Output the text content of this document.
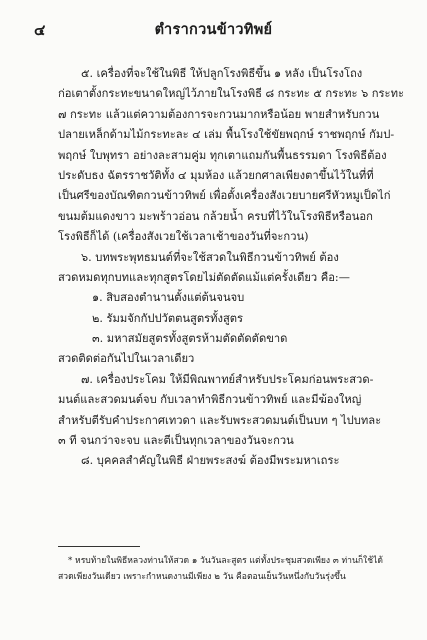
๔	ตำรากวนข้าวทิพย์
๕. เครื่องที่จะใช้ในพิธี ให้ปลูกโรงพิธีขึ้น ๑ หลัง เป็นโรงโถง
ก่อเตาตั้งกระทะขนาดใหญ่ไว้ภายในโรงพิธี ๘ กระทะ ๕ กระทะ ๖ กระทะ
๗ กระทะ แล้วแต่ความต้องการจะกวนมากหรือน้อย พายสำหรับกวน
ปลายเหล็กด้ามไม้กระทะละ ๔ เล่ม พื้นโรงใช้ขัยพฤกษ์ ราชพฤกษ์ กัมป-
พฤกษ์ ใบพุทรา อย่างละสามคู่ม ทุกเตาแถมกันพื้นธรรมดา โรงพิธีต้อง
ประดับธง ฉัตรราชวัติทั้ง ๔ มุมห้อง แล้วยกศาลเพียงตาขึ้นไว้ในที่ที่
เป็นศรีของบัณฑิตกวนข้าวทิพย์ เพื่อตั้งเครื่องสังเวยบายศรีหัวหมูเป็ดไก่
ขนมต้มแดงขาว มะพร้าวอ่อน กล้วยน้ำ ครบที่ไว้ในโรงพิธีหรือนอก
โรงพิธีก็ได้ (เครื่องสังเวยใช้เวลาเช้าของวันที่จะกวน)
๖. บทพระพุทธมนต์ที่จะใช้สวดในพิธีกวนข้าวทิพย์ ต้อง
สวดหมดทุกบทและทุกสูตรโดยไม่ตัดตัดแม้แต่ครั้งเดียว คือ:—
๑. สิบสองตำนานตั้งแต่ต้นจนจบ
๒. รัมมจักกัปปวัตตนสูตรทั้งสูตร
๓. มหาสมัยสูตรทั้งสูตรห้ามตัดตัดตัดขาด
สวดติดต่อกันไปในเวลาเดียว
๗. เครื่องประโคม ให้มีพิณพาทย์สำหรับประโคมก่อนพระสวด-
มนต์และสวดมนต์จบ กับเวลาทำพิธีกวนข้าวทิพย์ และมีฆ้องใหญ่
สำหรับตีรับคำประกาศเทวดา และรับพระสวดมนต์เป็นบท ๆ ไปบทละ
๓ ที จนกว่าจะจบ และตีเป็นทุกเวลาของวันจะกวน
๘. บุคคลสำคัญในพิธี ฝ่ายพระสงฆ์ ต้องมีพระมหาเถระ
* หรบท้ายในพิธีหลวงท่านให้สวด ๑ วันวันละสูตร แต่ทั้งประชุมสวดเพียง ๓ ท่านก็ใช้ได้
สวดเพียงวันเดียว เพราะกำหนดงานมีเพียง ๒ วัน คือตอนเย็นวันหนึ่งกับวันรุ่งขึ้น
